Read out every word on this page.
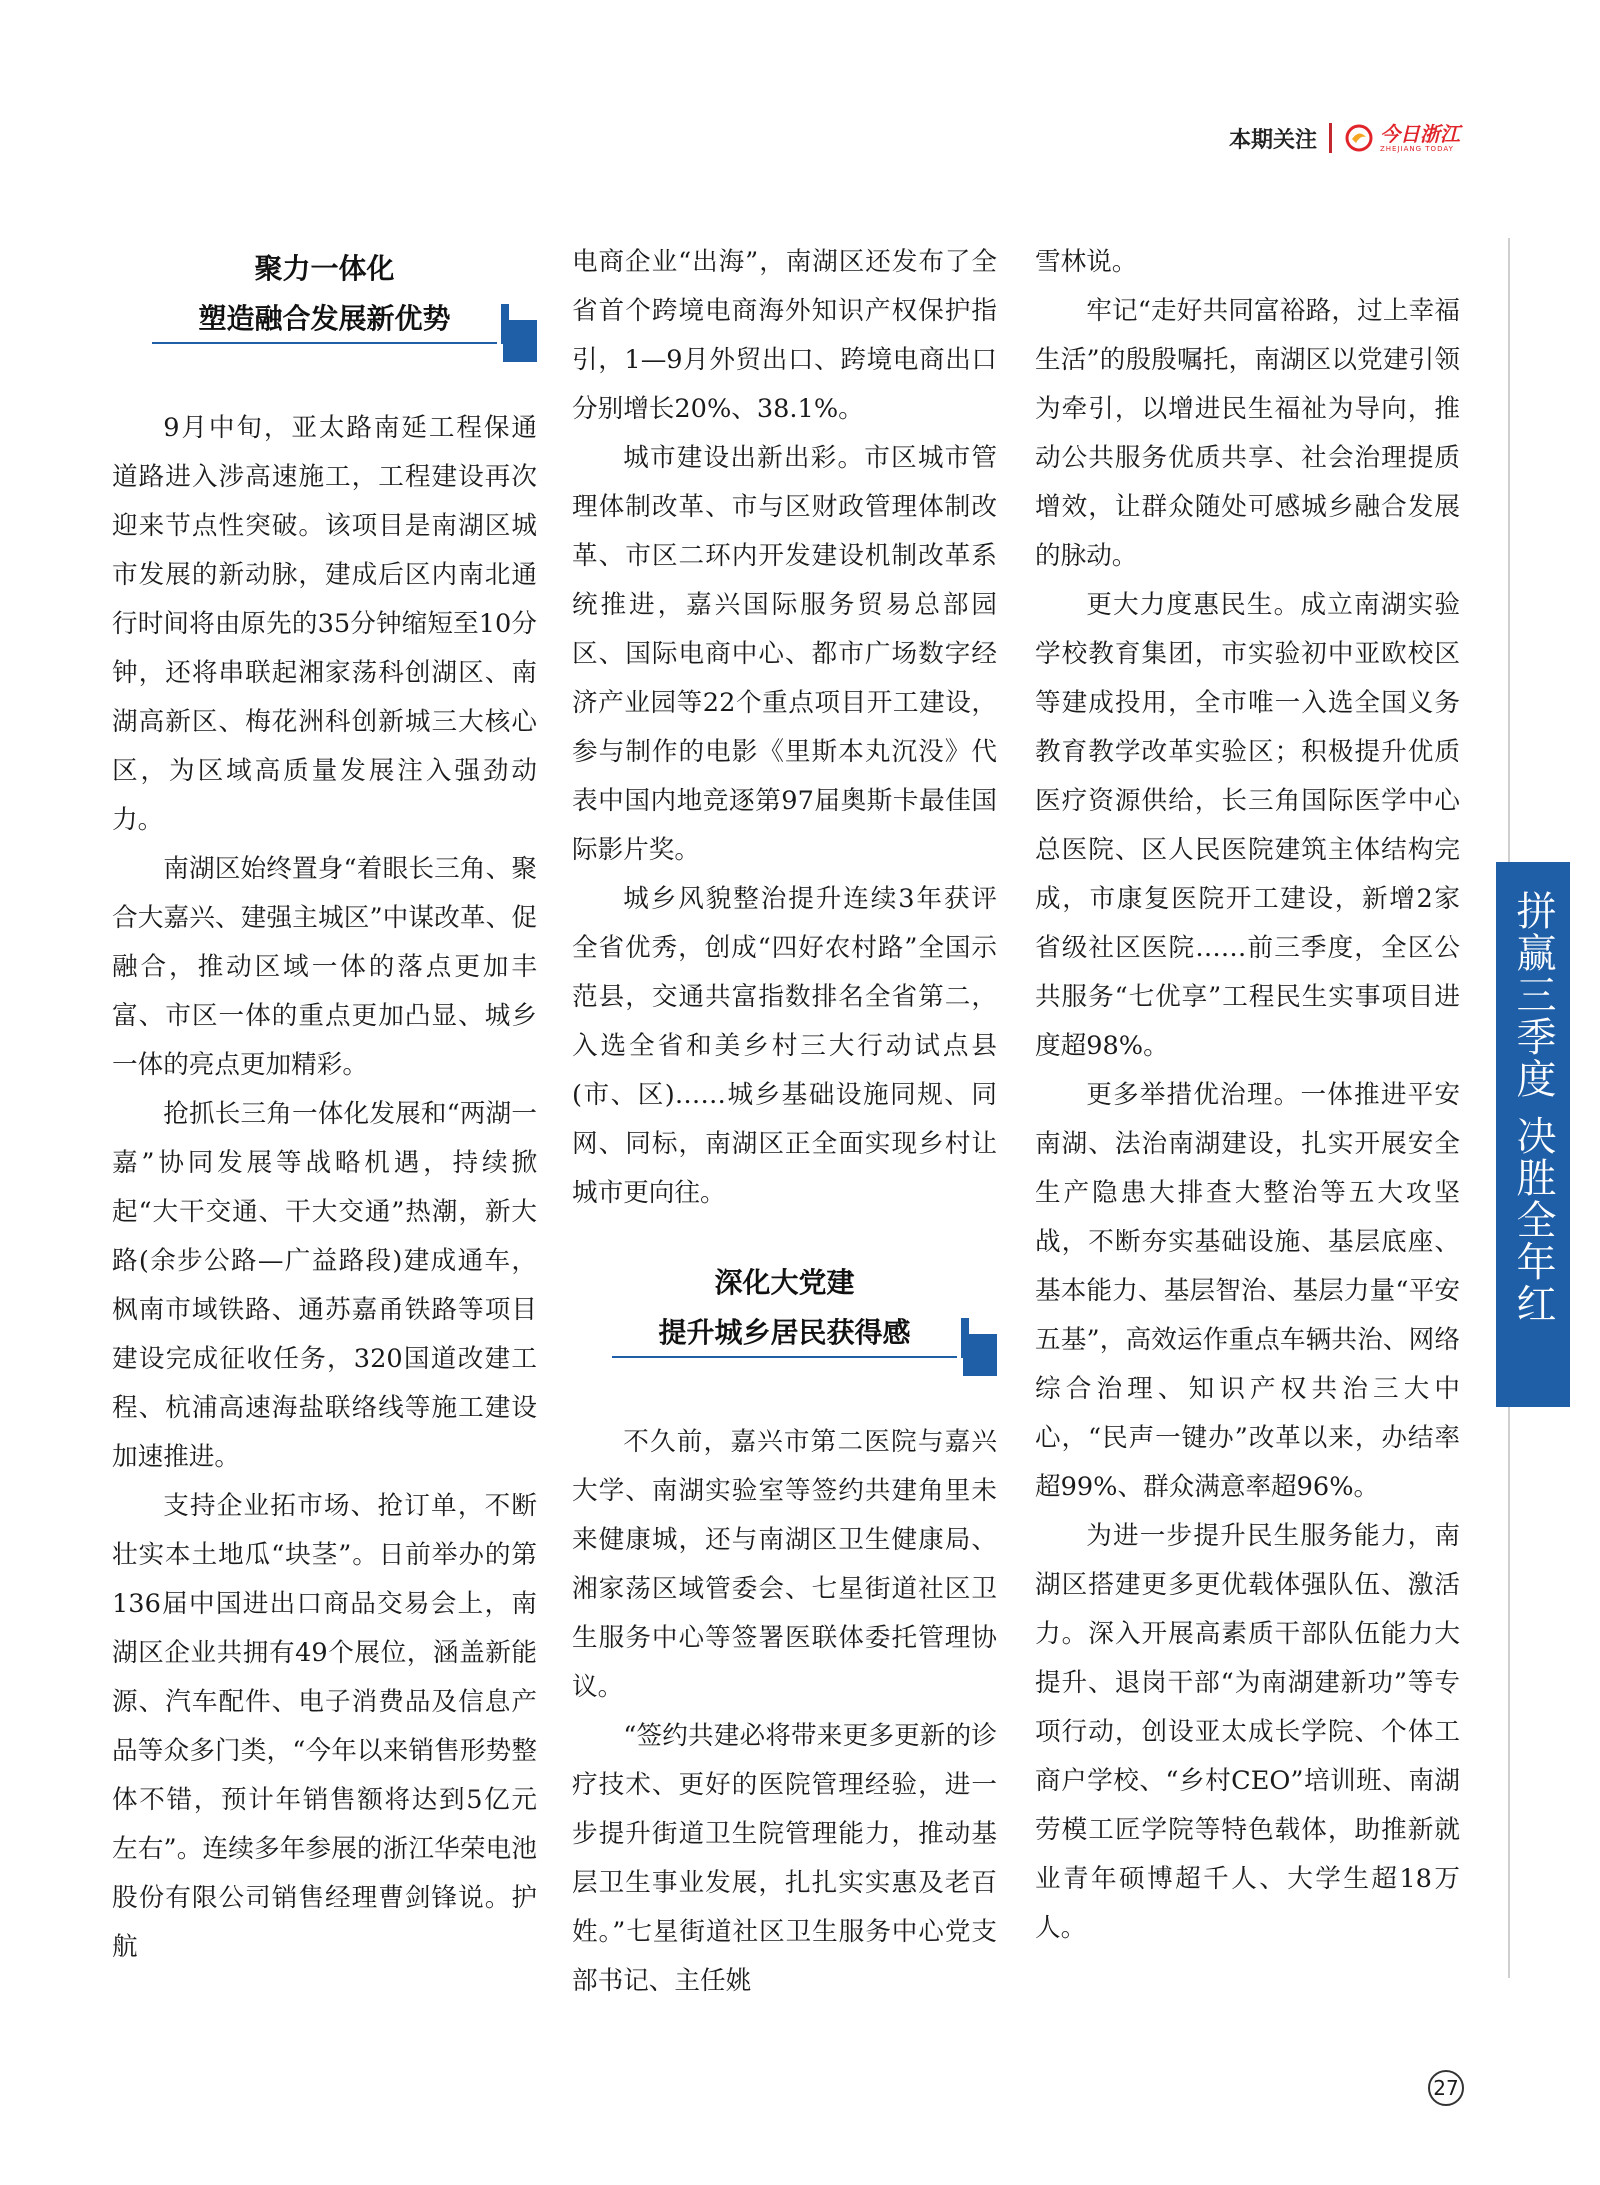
本期关注	今日浙江
ZHEJIANG TODAY
聚力一体化
塑造融合发展新优势

9月中旬，亚太路南延工程保通道路进入涉高速施工，工程建设再次迎来节点性突破。该项目是南湖区城市发展的新动脉，建成后区内南北通行时间将由原先的35分钟缩短至10分钟，还将串联起湘家荡科创湖区、南湖高新区、梅花洲科创新城三大核心区，为区域高质量发展注入强劲动力。

南湖区始终置身“着眼长三角、聚合大嘉兴、建强主城区”中谋改革、促融合，推动区域一体的落点更加丰富、市区一体的重点更加凸显、城乡一体的亮点更加精彩。

抢抓长三角一体化发展和“两湖一嘉”协同发展等战略机遇，持续掀起“大干交通、干大交通”热潮，新大路(余步公路—广益路段)建成通车，枫南市域铁路、通苏嘉甬铁路等项目建设完成征收任务，320国道改建工程、杭浦高速海盐联络线等施工建设加速推进。

支持企业拓市场、抢订单，不断壮实本土地瓜“块茎”。日前举办的第136届中国进出口商品交易会上，南湖区企业共拥有49个展位，涵盖新能源、汽车配件、电子消费品及信息产品等众多门类，“今年以来销售形势整体不错，预计年销售额将达到5亿元左右”。连续多年参展的浙江华荣电池股份有限公司销售经理曹剑锋说。护航

电商企业“出海”，南湖区还发布了全省首个跨境电商海外知识产权保护指引，1—9月外贸出口、跨境电商出口分别增长20%、38.1%。

城市建设出新出彩。市区城市管理体制改革、市与区财政管理体制改革、市区二环内开发建设机制改革系统推进，嘉兴国际服务贸易总部园区、国际电商中心、都市广场数字经济产业园等22个重点项目开工建设，参与制作的电影《里斯本丸沉没》代表中国内地竞逐第97届奥斯卡最佳国际影片奖。

城乡风貌整治提升连续3年获评全省优秀，创成“四好农村路”全国示范县，交通共富指数排名全省第二，入选全省和美乡村三大行动试点县(市、区)……城乡基础设施同规、同网、同标，南湖区正全面实现乡村让城市更向往。

深化大党建
提升城乡居民获得感

不久前，嘉兴市第二医院与嘉兴大学、南湖实验室等签约共建角里未来健康城，还与南湖区卫生健康局、湘家荡区域管委会、七星街道社区卫生服务中心等签署医联体委托管理协议。

“签约共建必将带来更多更新的诊疗技术、更好的医院管理经验，进一步提升街道卫生院管理能力，推动基层卫生事业发展，扎扎实实惠及老百姓。”七星街道社区卫生服务中心党支部书记、主任姚

雪林说。

牢记“走好共同富裕路，过上幸福生活”的殷殷嘱托，南湖区以党建引领为牵引，以增进民生福祉为导向，推动公共服务优质共享、社会治理提质增效，让群众随处可感城乡融合发展的脉动。

更大力度惠民生。成立南湖实验学校教育集团，市实验初中亚欧校区等建成投用，全市唯一入选全国义务教育教学改革实验区；积极提升优质医疗资源供给，长三角国际医学中心总医院、区人民医院建筑主体结构完成，市康复医院开工建设，新增2家省级社区医院……前三季度，全区公共服务“七优享”工程民生实事项目进度超98%。

更多举措优治理。一体推进平安南湖、法治南湖建设，扎实开展安全生产隐患大排查大整治等五大攻坚战，不断夯实基础设施、基层底座、基本能力、基层智治、基层力量“平安五基”，高效运作重点车辆共治、网络综合治理、知识产权共治三大中心，“民声一键办”改革以来，办结率超99%、群众满意率超96%。

为进一步提升民生服务能力，南湖区搭建更多更优载体强队伍、激活力。深入开展高素质干部队伍能力大提升、退岗干部“为南湖建新功”等专项行动，创设亚太成长学院、个体工商户学校、“乡村CEO”培训班、南湖劳模工匠学院等特色载体，助推新就业青年硕博超千人、大学生超18万人。

拼赢三季度 决胜全年红
27
